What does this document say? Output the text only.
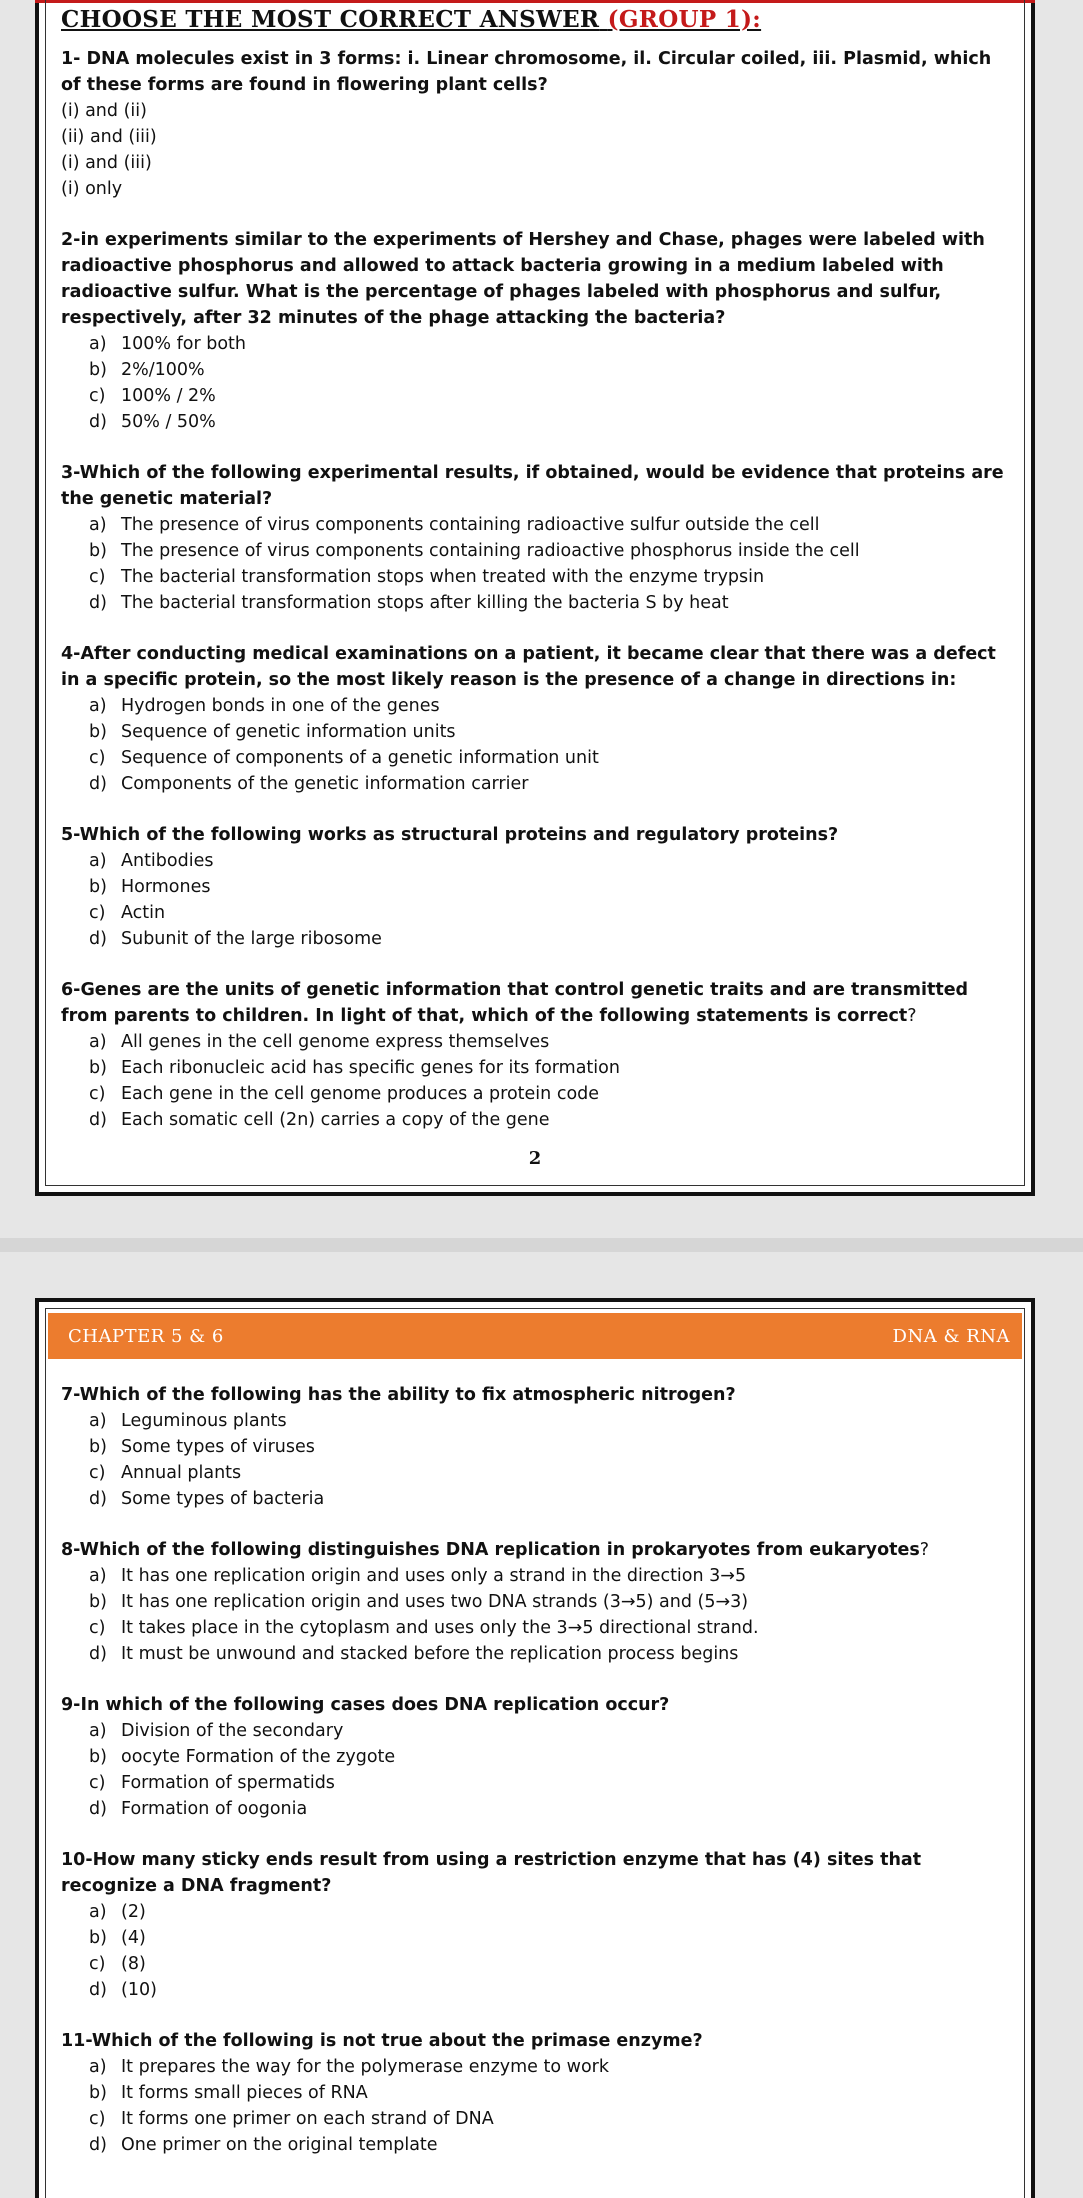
CHOOSE THE MOST CORRECT ANSWER (GROUP 1):

1- DNA molecules exist in 3 forms: i. Linear chromosome, il. Circular coiled, iii. Plasmid, which of these forms are found in flowering plant cells?

(i) and (ii)
(ii) and (iii)
(i) and (iii)
(i) only

2-in experiments similar to the experiments of Hershey and Chase, phages were labeled with radioactive phosphorus and allowed to attack bacteria growing in a medium labeled with radioactive sulfur. What is the percentage of phages labeled with phosphorus and sulfur, respectively, after 32 minutes of the phage attacking the bacteria?

a) 100% for both
b) 2%/100%
c) 100% / 2%
d) 50% / 50%

3-Which of the following experimental results, if obtained, would be evidence that proteins are the genetic material?

a) The presence of virus components containing radioactive sulfur outside the cell
b) The presence of virus components containing radioactive phosphorus inside the cell
c) The bacterial transformation stops when treated with the enzyme trypsin
d) The bacterial transformation stops after killing the bacteria S by heat

4-After conducting medical examinations on a patient, it became clear that there was a defect in a specific protein, so the most likely reason is the presence of a change in directions in:

a) Hydrogen bonds in one of the genes
b) Sequence of genetic information units
c) Sequence of components of a genetic information unit
d) Components of the genetic information carrier

5-Which of the following works as structural proteins and regulatory proteins?

a) Antibodies
b) Hormones
c) Actin
d) Subunit of the large ribosome

6-Genes are the units of genetic information that control genetic traits and are transmitted from parents to children. In light of that, which of the following statements is correct?

a) All genes in the cell genome express themselves
b) Each ribonucleic acid has specific genes for its formation
c) Each gene in the cell genome produces a protein code
d) Each somatic cell (2n) carries a copy of the gene
2
CHAPTER 5 & 6	DNA & RNA

7-Which of the following has the ability to fix atmospheric nitrogen?

a) Leguminous plants
b) Some types of viruses
c) Annual plants
d) Some types of bacteria

8-Which of the following distinguishes DNA replication in prokaryotes from eukaryotes?

a) It has one replication origin and uses only a strand in the direction 3→5
b) It has one replication origin and uses two DNA strands (3→5) and (5→3)
c) It takes place in the cytoplasm and uses only the 3→5 directional strand.
d) It must be unwound and stacked before the replication process begins

9-In which of the following cases does DNA replication occur?

a) Division of the secondary
b) oocyte Formation of the zygote
c) Formation of spermatids
d) Formation of oogonia

10-How many sticky ends result from using a restriction enzyme that has (4) sites that recognize a DNA fragment?

a) (2)
b) (4)
c) (8)
d) (10)

11-Which of the following is not true about the primase enzyme?

a) It prepares the way for the polymerase enzyme to work
b) It forms small pieces of RNA
c) It forms one primer on each strand of DNA
d) One primer on the original template
